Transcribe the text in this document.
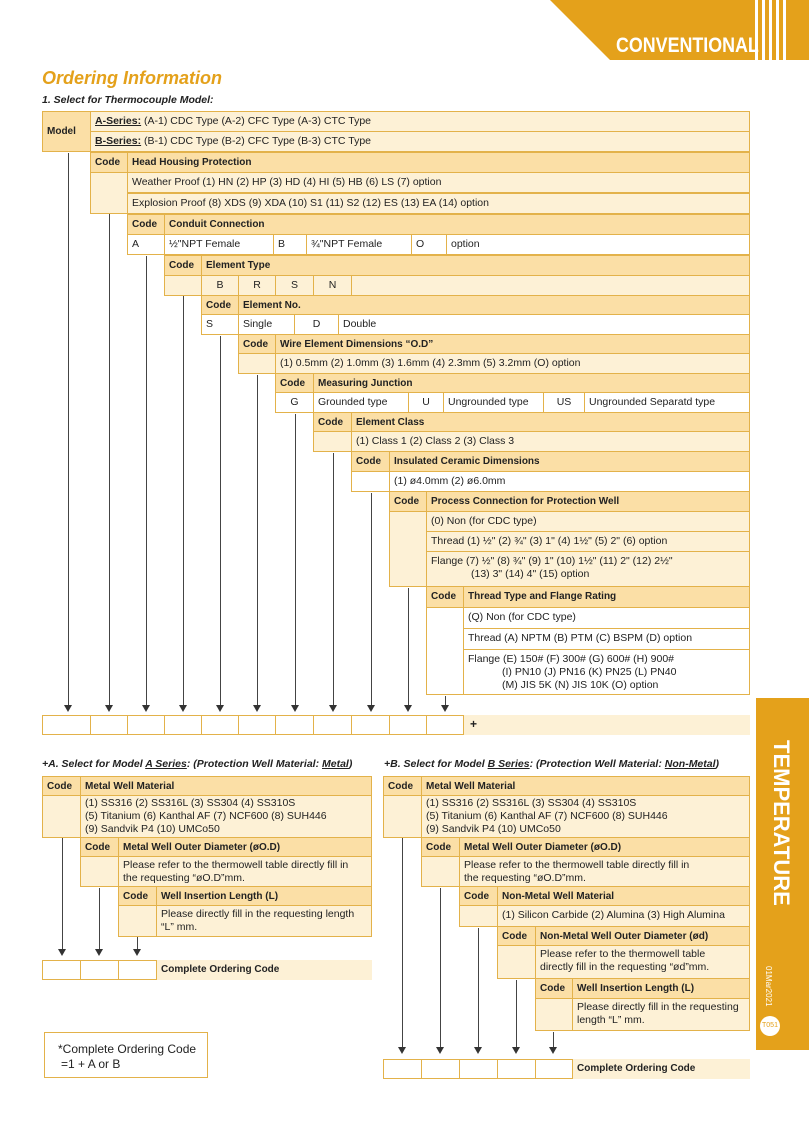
CONVENTIONAL
TEMPERATURE
01Mar2021
T051
Ordering Information
1. Select for Thermocouple Model:
Model
A-Series: (A-1) CDC Type (A-2) CFC Type (A-3) CTC Type
B-Series: (B-1) CDC Type (B-2) CFC Type (B-3) CTC Type
Code	Head Housing Protection
Weather Proof (1) HN (2) HP (3) HD (4) HI (5) HB (6) LS (7) option
Explosion Proof (8) XDS (9) XDA (10) S1 (11) S2 (12) ES (13) EA (14) option
Code	Conduit Connection
A	½"NPT Female	B	¾"NPT Female	O	option
Code	Element Type
B	R	S	N
Code	Element No.
S	Single	D	Double
Code	Wire Element Dimensions “O.D”
(1) 0.5mm (2) 1.0mm (3) 1.6mm (4) 2.3mm (5) 3.2mm (O) option
Code	Measuring Junction
G	Grounded type	U	Ungrounded type	US	Ungrounded Separatd type
Code	Element Class
(1) Class 1 (2) Class 2 (3) Class 3
Code	Insulated Ceramic Dimensions
(1) ø4.0mm (2) ø6.0mm
Code	Process Connection for Protection Well
(0) Non (for CDC type)
Thread (1) ½" (2) ¾" (3) 1" (4) 1½" (5) 2" (6) option
Flange (7) ½" (8) ¾" (9) 1" (10) 1½" (11) 2" (12) 2½"
(13) 3" (14) 4" (15) option
Code	Thread Type and Flange Rating
(Q) Non (for CDC type)
Thread (A) NPTM (B) PTM (C) BSPM (D) option
Flange (E) 150# (F) 300# (G) 600# (H) 900#
(I) PN10 (J) PN16 (K) PN25 (L) PN40
(M) JIS 5K (N) JIS 10K (O) option
+
+A. Select for Model A Series: (Protection Well Material: Metal)
Code	Metal Well Material
(1) SS316 (2) SS316L (3) SS304 (4) SS310S
(5) Titanium (6) Kanthal AF (7) NCF600 (8) SUH446
(9) Sandvik P4 (10) UMCo50
Code	Metal Well Outer Diameter (øO.D)
Please refer to the thermowell table directly fill in
the requesting “øO.D”mm.
Code	Well Insertion Length (L)
Please directly fill in the requesting length
“L” mm.
Complete Ordering Code
+B. Select for Model B Series: (Protection Well Material: Non-Metal)
Code	Metal Well Material
(1) SS316 (2) SS316L (3) SS304 (4) SS310S
(5) Titanium (6) Kanthal AF (7) NCF600 (8) SUH446
(9) Sandvik P4 (10) UMCo50
Code	Metal Well Outer Diameter (øO.D)
Please refer to the thermowell table directly fill in
the requesting “øO.D”mm.
Code	Non-Metal Well Material
(1) Silicon Carbide (2) Alumina (3) High Alumina
Code	Non-Metal Well Outer Diameter (ød)
Please refer to the thermowell table
directly fill in the requesting “ød”mm.
Code	Well Insertion Length (L)
Please directly fill in the requesting
length “L” mm.
Complete Ordering Code
*Complete Ordering Code
=1 + A or B
